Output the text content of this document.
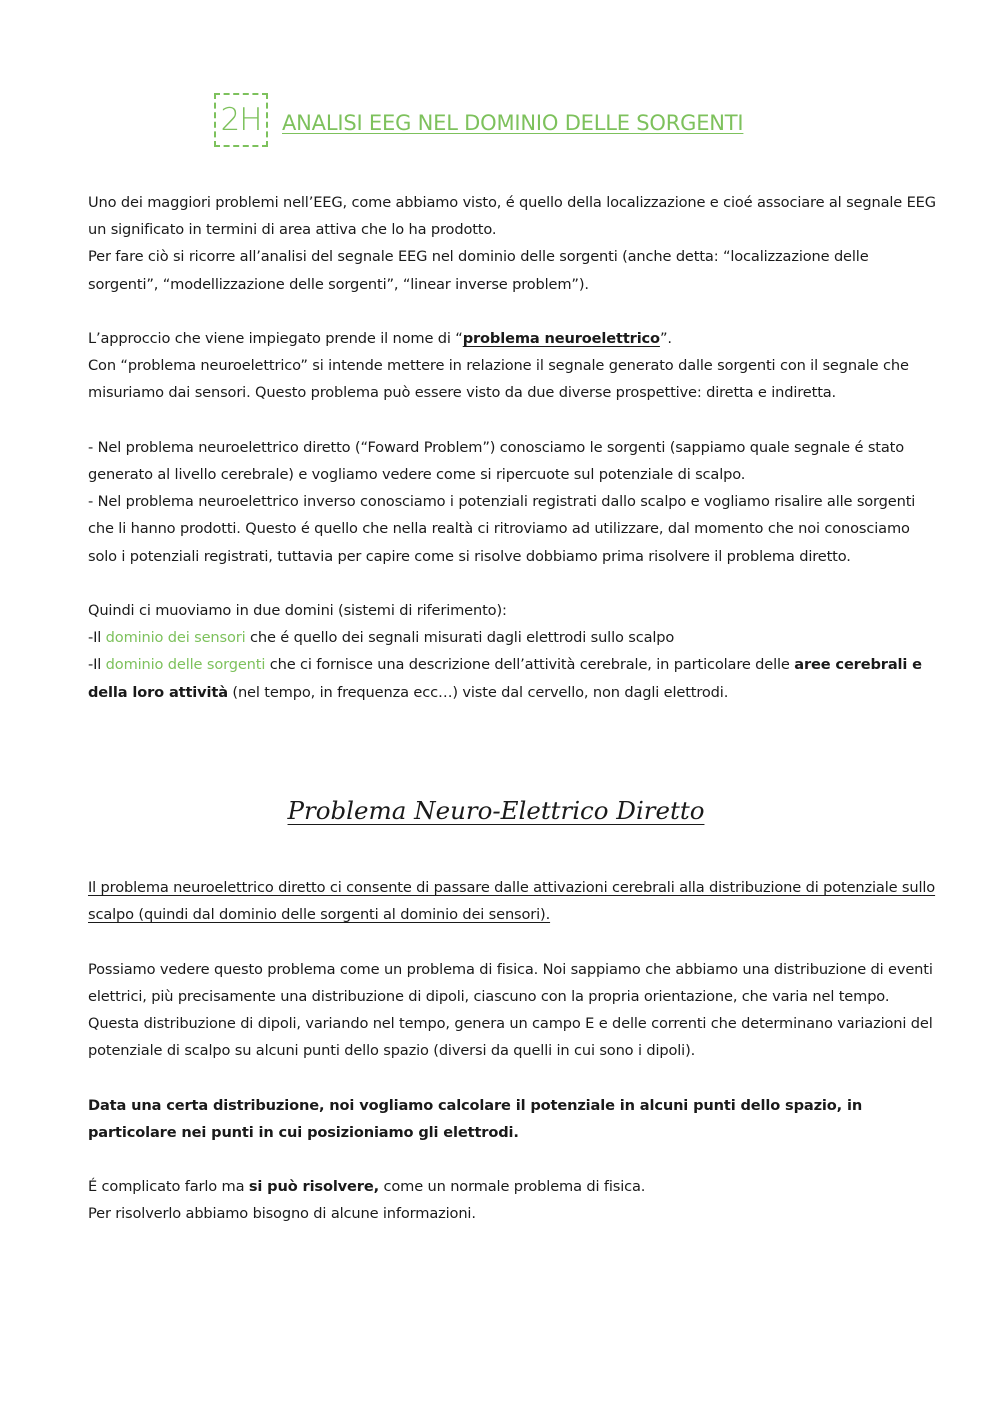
2H ANALISI EEG NEL DOMINIO DELLE SORGENTI

Uno dei maggiori problemi nell’EEG, come abbiamo visto, é quello della localizzazione e cioé associare al segnale EEG un significato in termini di area attiva che lo ha prodotto.

Per fare ciò si ricorre all’analisi del segnale EEG nel dominio delle sorgenti (anche detta: “localizzazione delle sorgenti”, “modellizzazione delle sorgenti”, “linear inverse problem”).

L’approccio che viene impiegato prende il nome di “problema neuroelettrico”.

Con “problema neuroelettrico” si intende mettere in relazione il segnale generato dalle sorgenti con il segnale che misuriamo dai sensori. Questo problema può essere visto da due diverse prospettive: diretta e indiretta.

- Nel problema neuroelettrico diretto (“Foward Problem”) conosciamo le sorgenti (sappiamo quale segnale é stato generato al livello cerebrale) e vogliamo vedere come si ripercuote sul potenziale di scalpo.

- Nel problema neuroelettrico inverso conosciamo i potenziali registrati dallo scalpo e vogliamo risalire alle sorgenti che li hanno prodotti. Questo é quello che nella realtà ci ritroviamo ad utilizzare, dal momento che noi conosciamo solo i potenziali registrati, tuttavia per capire come si risolve dobbiamo prima risolvere il problema diretto.

Quindi ci muoviamo in due domini (sistemi di riferimento):

-Il dominio dei sensori che é quello dei segnali misurati dagli elettrodi sullo scalpo

-Il dominio delle sorgenti che ci fornisce una descrizione dell’attività cerebrale, in particolare delle aree cerebrali e della loro attività (nel tempo, in frequenza ecc…) viste dal cervello, non dagli elettrodi.

Problema Neuro-Elettrico Diretto

Il problema neuroelettrico diretto ci consente di passare dalle attivazioni cerebrali alla distribuzione di potenziale sullo scalpo (quindi dal dominio delle sorgenti al dominio dei sensori).

Possiamo vedere questo problema come un problema di fisica. Noi sappiamo che abbiamo una distribuzione di eventi elettrici, più precisamente una distribuzione di dipoli, ciascuno con la propria orientazione, che varia nel tempo.

Questa distribuzione di dipoli, variando nel tempo, genera un campo E e delle correnti che determinano variazioni del potenziale di scalpo su alcuni punti dello spazio (diversi da quelli in cui sono i dipoli).

Data una certa distribuzione, noi vogliamo calcolare il potenziale in alcuni punti dello spazio, in particolare nei punti in cui posizioniamo gli elettrodi.

É complicato farlo ma si può risolvere, come un normale problema di fisica.

Per risolverlo abbiamo bisogno di alcune informazioni.
